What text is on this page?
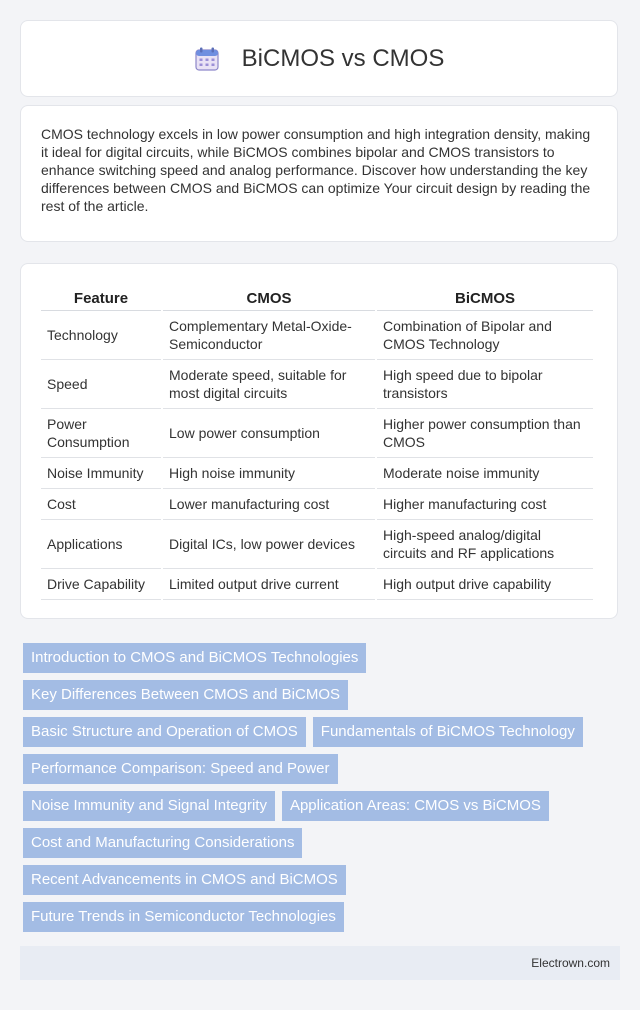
BiCMOS vs CMOS
CMOS technology excels in low power consumption and high integration density, making it ideal for digital circuits, while BiCMOS combines bipolar and CMOS transistors to enhance switching speed and analog performance. Discover how understanding the key differences between CMOS and BiCMOS can optimize Your circuit design by reading the rest of the article.
Feature	CMOS	BiCMOS
Technology	Complementary Metal-Oxide-Semiconductor	Combination of Bipolar and CMOS Technology
Speed	Moderate speed, suitable for most digital circuits	High speed due to bipolar transistors
Power Consumption	Low power consumption	Higher power consumption than CMOS
Noise Immunity	High noise immunity	Moderate noise immunity
Cost	Lower manufacturing cost	Higher manufacturing cost
Applications	Digital ICs, low power devices	High-speed analog/digital circuits and RF applications
Drive Capability	Limited output drive current	High output drive capability
Introduction to CMOS and BiCMOS Technologies
Key Differences Between CMOS and BiCMOS
Basic Structure and Operation of CMOS	Fundamentals of BiCMOS Technology
Performance Comparison: Speed and Power
Noise Immunity and Signal Integrity	Application Areas: CMOS vs BiCMOS
Cost and Manufacturing Considerations
Recent Advancements in CMOS and BiCMOS
Future Trends in Semiconductor Technologies
Electrown.com
